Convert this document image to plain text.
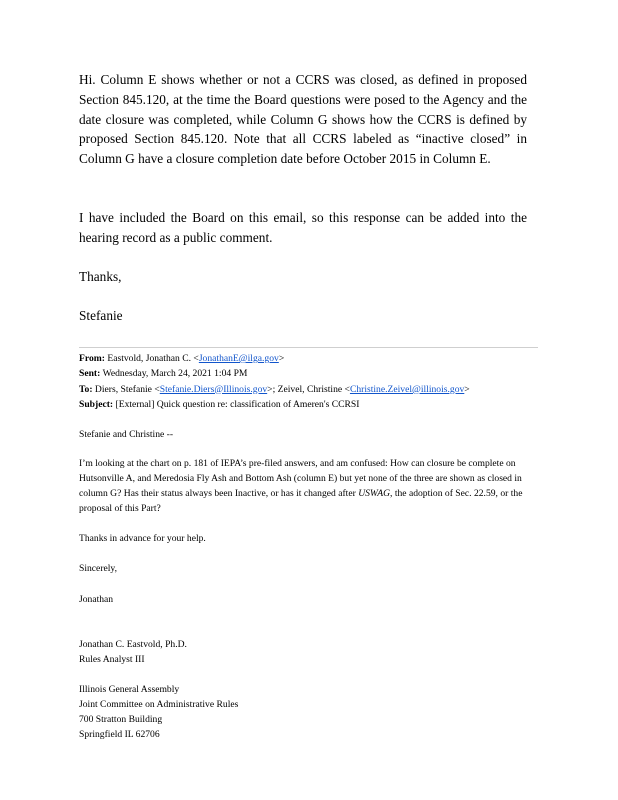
Hi. Column E shows whether or not a CCRS was closed, as defined in proposed Section 845.120, at the time the Board questions were posed to the Agency and the date closure was completed, while Column G shows how the CCRS is defined by proposed Section 845.120. Note that all CCRS labeled as “inactive closed” in Column G have a closure completion date before October 2015 in Column E.

I have included the Board on this email, so this response can be added into the hearing record as a public comment.

Thanks,

Stefanie

From: Eastvold, Jonathan C. <JonathanE@ilga.gov>
Sent: Wednesday, March 24, 2021 1:04 PM
To: Diers, Stefanie <Stefanie.Diers@Illinois.gov>; Zeivel, Christine <Christine.Zeivel@illinois.gov>
Subject: [External] Quick question re: classification of Ameren's CCRSI

Stefanie and Christine --

I’m looking at the chart on p. 181 of IEPA’s pre-filed answers, and am confused: How can closure be complete on Hutsonville A, and Meredosia Fly Ash and Bottom Ash (column E) but yet none of the three are shown as closed in column G? Has their status always been Inactive, or has it changed after USWAG, the adoption of Sec. 22.59, or the proposal of this Part?

Thanks in advance for your help.

Sincerely,

Jonathan

Jonathan C. Eastvold, Ph.D.

Rules Analyst III

Illinois General Assembly

Joint Committee on Administrative Rules

700 Stratton Building

Springfield IL 62706
